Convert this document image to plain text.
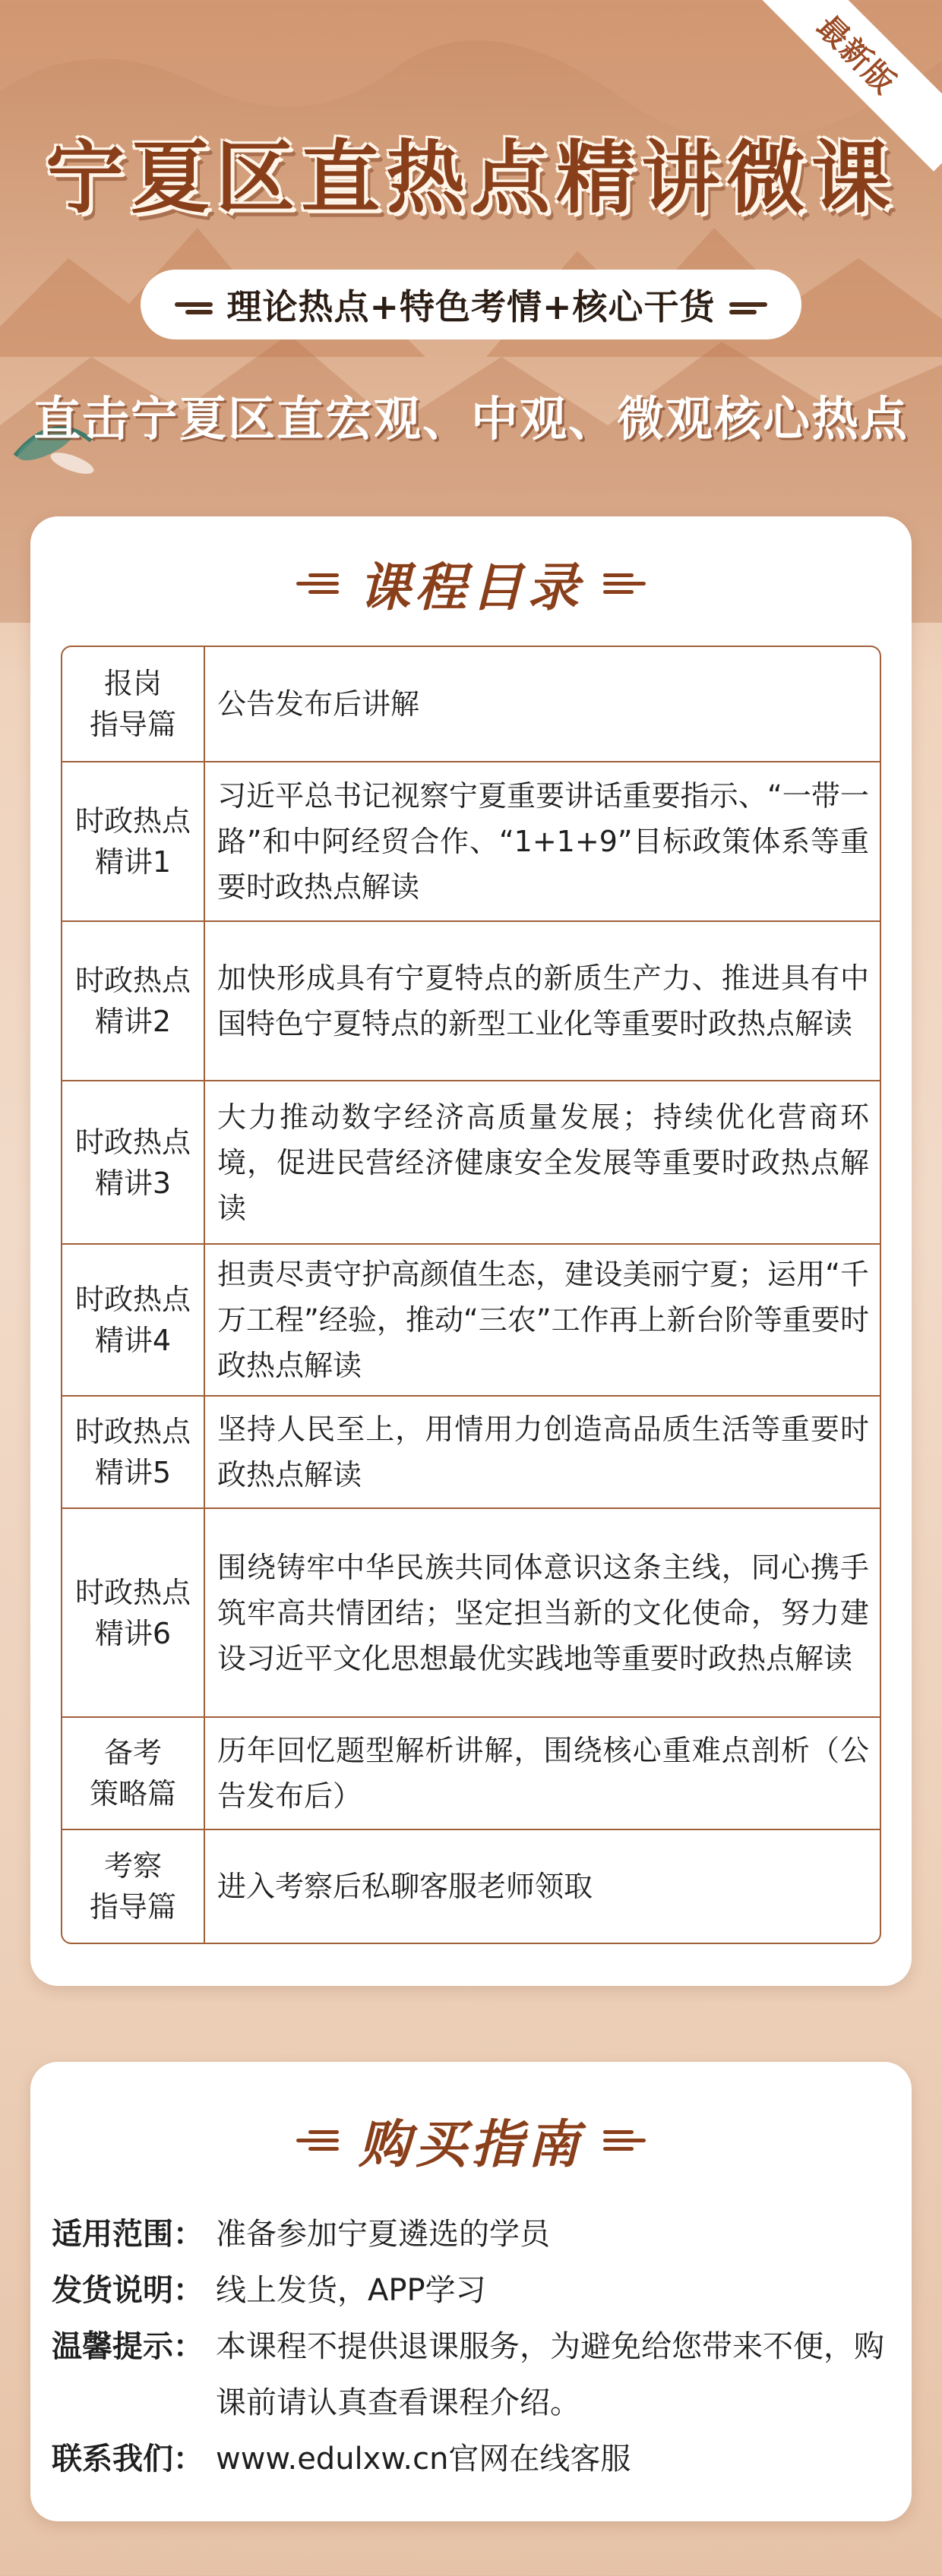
最新版
宁夏区直热点精讲微课
理论热点+特色考情+核心干货
直击宁夏区直宏观、中观、微观核心热点
课程目录
报岗
指导篇	公告发布后讲解
时政热点
精讲1	习近平总书记视察宁夏重要讲话重要指示、“一带一路”和中阿经贸合作、“1+1+9”目标政策体系等重要时政热点解读
时政热点
精讲2	加快形成具有宁夏特点的新质生产力、推进具有中国特色宁夏特点的新型工业化等重要时政热点解读
时政热点
精讲3	大力推动数字经济高质量发展；持续优化营商环境，促进民营经济健康安全发展等重要时政热点解读
时政热点
精讲4	担责尽责守护高颜值生态，建设美丽宁夏；运用“千万工程”经验，推动“三农”工作再上新台阶等重要时政热点解读
时政热点
精讲5	坚持人民至上，用情用力创造高品质生活等重要时政热点解读
时政热点
精讲6	围绕铸牢中华民族共同体意识这条主线，同心携手筑牢高共情团结；坚定担当新的文化使命，努力建设习近平文化思想最优实践地等重要时政热点解读
备考
策略篇	历年回忆题型解析讲解，围绕核心重难点剖析（公告发布后）
考察
指导篇	进入考察后私聊客服老师领取
购买指南
适用范围： 准备参加宁夏遴选的学员
发货说明： 线上发货，APP学习
温馨提示： 本课程不提供退课服务，为避免给您带来不便，购课前请认真查看课程介绍。
联系我们： www.edulxw.cn官网在线客服
